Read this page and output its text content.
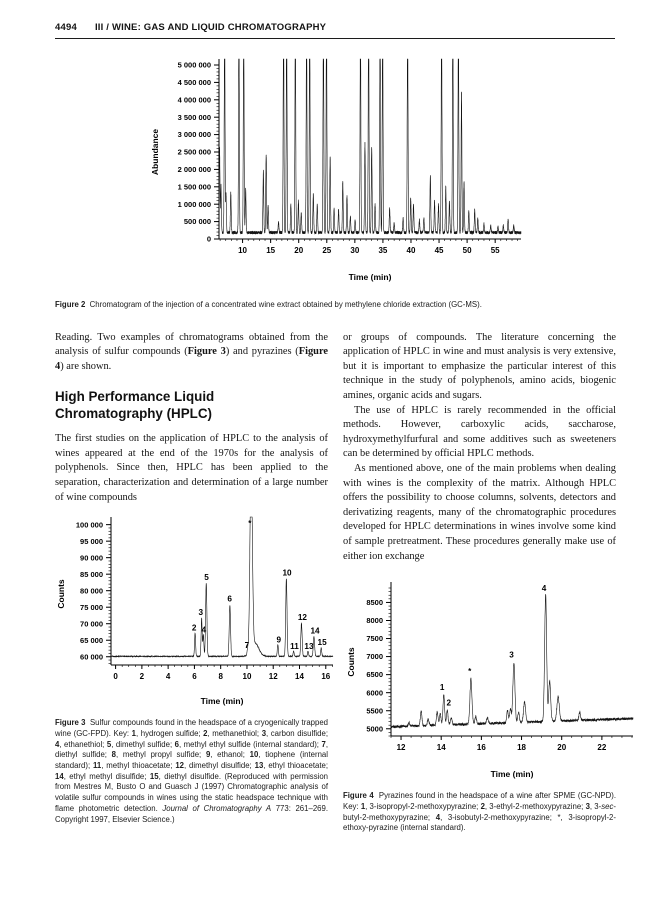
4494 III / WINE: GAS AND LIQUID CHROMATOGRAPHY
0
500 000
1 000 000
1 500 000
2 000 000
2 500 000
3 000 000
3 500 000
4 000 000
4 500 000
5 000 000
10 15 20 25 30 35 40 45 50 55
Time (min)
Abundance

Figure 2  Chromatogram of the injection of a concentrated wine extract obtained by methylene chloride extraction (GC-MS).

Reading. Two examples of chromatograms obtained from the analysis of sulfur compounds (Figure 3) and pyrazines (Figure 4) are shown.

High Performance Liquid
Chromatography (HPLC)

The first studies on the application of HPLC to the analysis of wines appeared at the end of the 1970s for the analysis of polyphenols. Since then, HPLC has been applied to the separation, characterization and determination of a large number of wine compounds

60 000
65 000
70 000
75 000
80 000
85 000
90 000
95 000
100 000
0	2	4	6	8 10 12 14 16
Time (min)
Counts
2
3
4
5
6
7
*
9
10
11
12
13
14
15

Figure 3  Sulfur compounds found in the headspace of a cryogenically trapped wine (GC-FPD). Key: 1, hydrogen sulfide; 2, methanethiol; 3, carbon disulfide; 4, ethanethiol; 5, dimethyl sulfide; 6, methyl ethyl sulfide (internal standard); 7, diethyl sulfide; 8, methyl propyl sulfide; 9, ethanol; 10, tiophene (internal standard); 11, methyl thioacetate; 12, dimethyl disulfide; 13, ethyl thioacetate; 14, ethyl methyl disulfide; 15, diethyl disulfide. (Reproduced with permission from Mestres M, Busto O and Guasch J (1997) Chromatographic analysis of volatile sulfur compounds in wines using the static headspace technique with flame photometric detection. Journal of Chromatography A 773: 261–269. Copyright 1997, Elsevier Science.)

or groups of compounds. The literature concerning the application of HPLC in wine and must analysis is very extensive, but it is important to emphasize the particular interest of this technique in the study of polyphenols, amino acids, biogenic amines, organic acids and sugars.

The use of HPLC is rarely recommended in the official methods. However, carboxylic acids, saccharose, hydroxymethylfurfural and some additives such as sweeteners can be determined by official HPLC methods.

As mentioned above, one of the main problems when dealing with wines is the complexity of the matrix. Although HPLC offers the possibility to choose columns, solvents, detectors and derivatizing reagents, many of the chromatographic procedures developed for HPLC determinations in wines involve some kind of sample pretreatment. These procedures generally make use of either ion exchange

5000
5500
6000
6500
7000
7500
8000
8500
12	14	16	18	20	22
Time (min)
Counts
1
2
*
3
4

Figure 4  Pyrazines found in the headspace of a wine after SPME (GC-NPD). Key: 1, 3-isopropyl-2-methoxypyrazine; 2, 3-ethyl-2-methoxypyrazine; 3, 3-sec-butyl-2-methoxypyrazine; 4, 3-isobutyl-2-methoxypyrazine; *, 3-isopropyl-2-ethoxy-pyrazine (internal standard).
